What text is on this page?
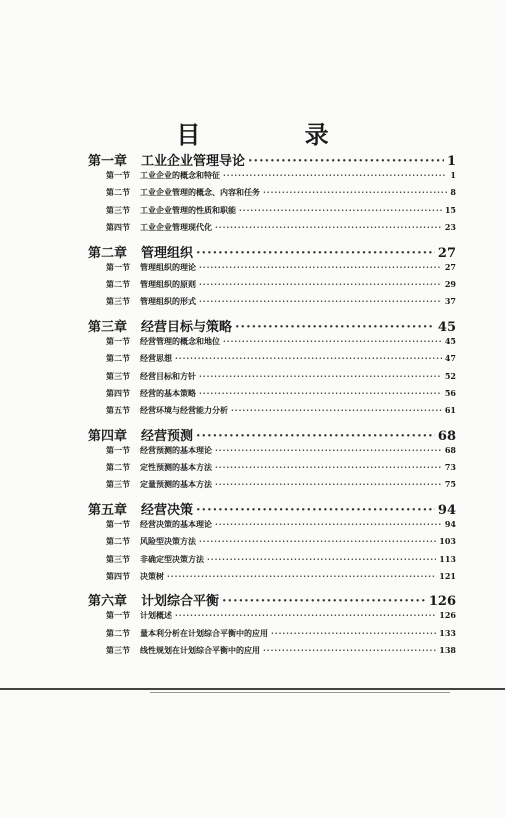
目 录
第一章 工业企业管理导论 ·····	1
第一节 工业企业的概念和特征 ·····	1
第二节 工业企业管理的概念、内容和任务 ·····	8
第三节 工业企业管理的性质和职能 ·····	15
第四节 工业企业管理现代化 ·····	23
第二章 管理组织 ·····	27
第一节 管理组织的理论 ·····	27
第二节 管理组织的原则 ·····	29
第三节 管理组织的形式 ·····	37
第三章 经营目标与策略 ·····	45
第一节 经营管理的概念和地位 ·····	45
第二节 经营思想 ·····	47
第三节 经营目标和方针 ·····	52
第四节 经营的基本策略 ·····	56
第五节 经营环境与经营能力分析 ·····	61
第四章 经营预测 ·····	68
第一节 经营预测的基本理论 ·····	68
第二节 定性预测的基本方法 ·····	73
第三节 定量预测的基本方法 ·····	75
第五章 经营决策 ·····	94
第一节 经营决策的基本理论 ·····	94
第二节 风险型决策方法 ·····	103
第三节 非确定型决策方法 ·····	113
第四节 决策树 ·····	121
第六章 计划综合平衡 ·····	126
第一节 计划概述 ·····	126
第二节 量本利分析在计划综合平衡中的应用 ·····	133
第三节 线性规划在计划综合平衡中的应用 ·····	138
